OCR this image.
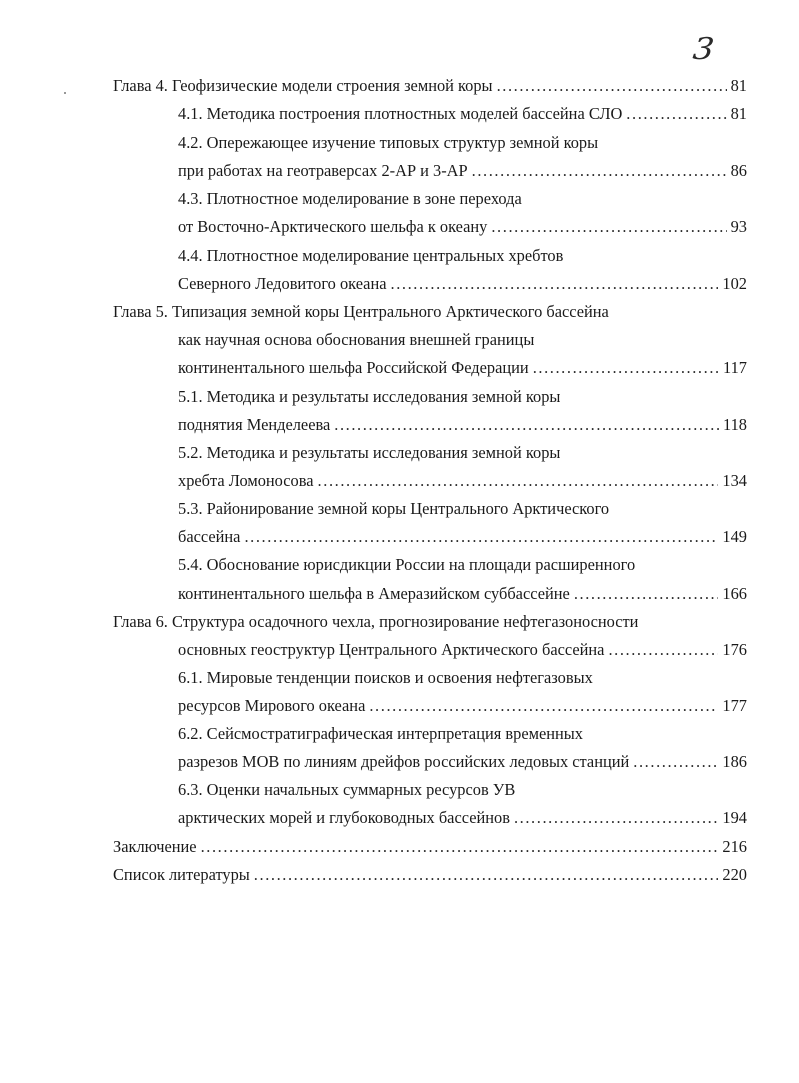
3
Глава 4. Геофизические модели строения земной коры .....	81
4.1. Методика построения плотностных моделей бассейна СЛО .....	81
4.2. Опережающее изучение типовых структур земной коры
при работах на геотраверсах 2-АР и 3-АР .....	86
4.3. Плотностное моделирование в зоне перехода
от Восточно-Арктического шельфа к океану .....	93
4.4. Плотностное моделирование центральных хребтов
Северного Ледовитого океана .....	102
Глава 5. Типизация земной коры Центрального Арктического бассейна
как научная основа обоснования внешней границы
континентального шельфа Российской Федерации .....	117
5.1. Методика и результаты исследования земной коры
поднятия Менделеева .....	118
5.2. Методика и результаты исследования земной коры
хребта Ломоносова .....	134
5.3. Районирование земной коры Центрального Арктического
бассейна .....	149
5.4. Обоснование юрисдикции России на площади расширенного
континентального шельфа в Амеразийском суббассейне .....	166
Глава 6. Структура осадочного чехла, прогнозирование нефтегазоносности
основных геоструктур Центрального Арктического бассейна .....	176
6.1. Мировые тенденции поисков и освоения нефтегазовых
ресурсов Мирового океана .....	177
6.2. Сейсмостратиграфическая интерпретация временных
разрезов МОВ по линиям дрейфов российских ледовых станций .....	186
6.3. Оценки начальных суммарных ресурсов УВ
арктических морей и глубоководных бассейнов .....	194
Заключение .....	216
Список литературы .....	220
